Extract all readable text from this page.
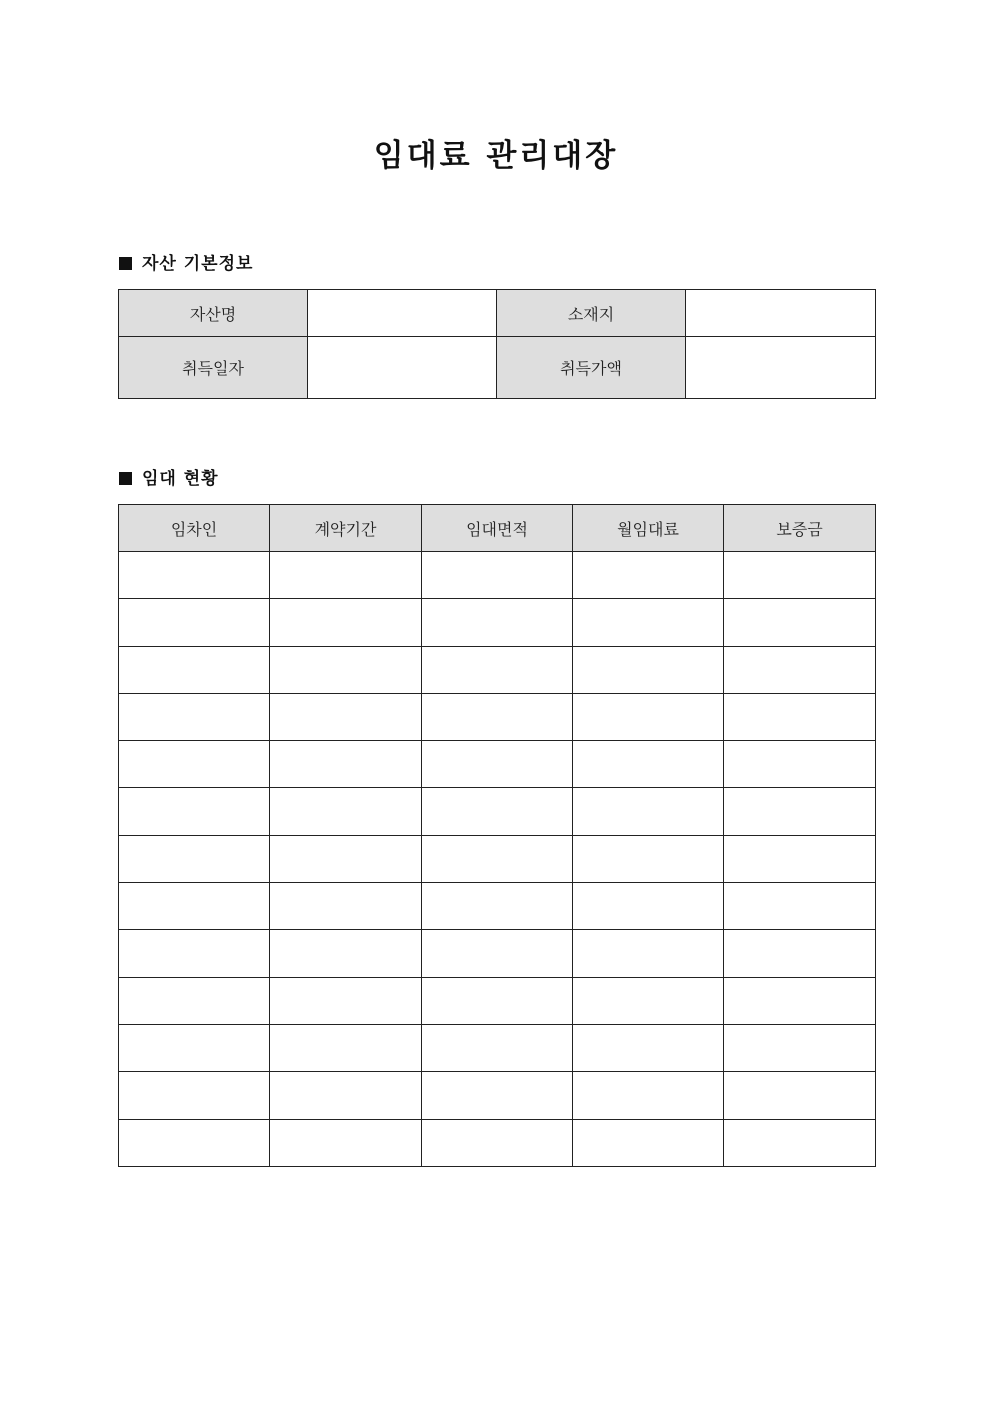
임대료 관리대장
자산 기본정보
자산명		소재지	
취득일자		취득가액	
임대 현황
임차인	계약기간	임대면적	월임대료	보증금
